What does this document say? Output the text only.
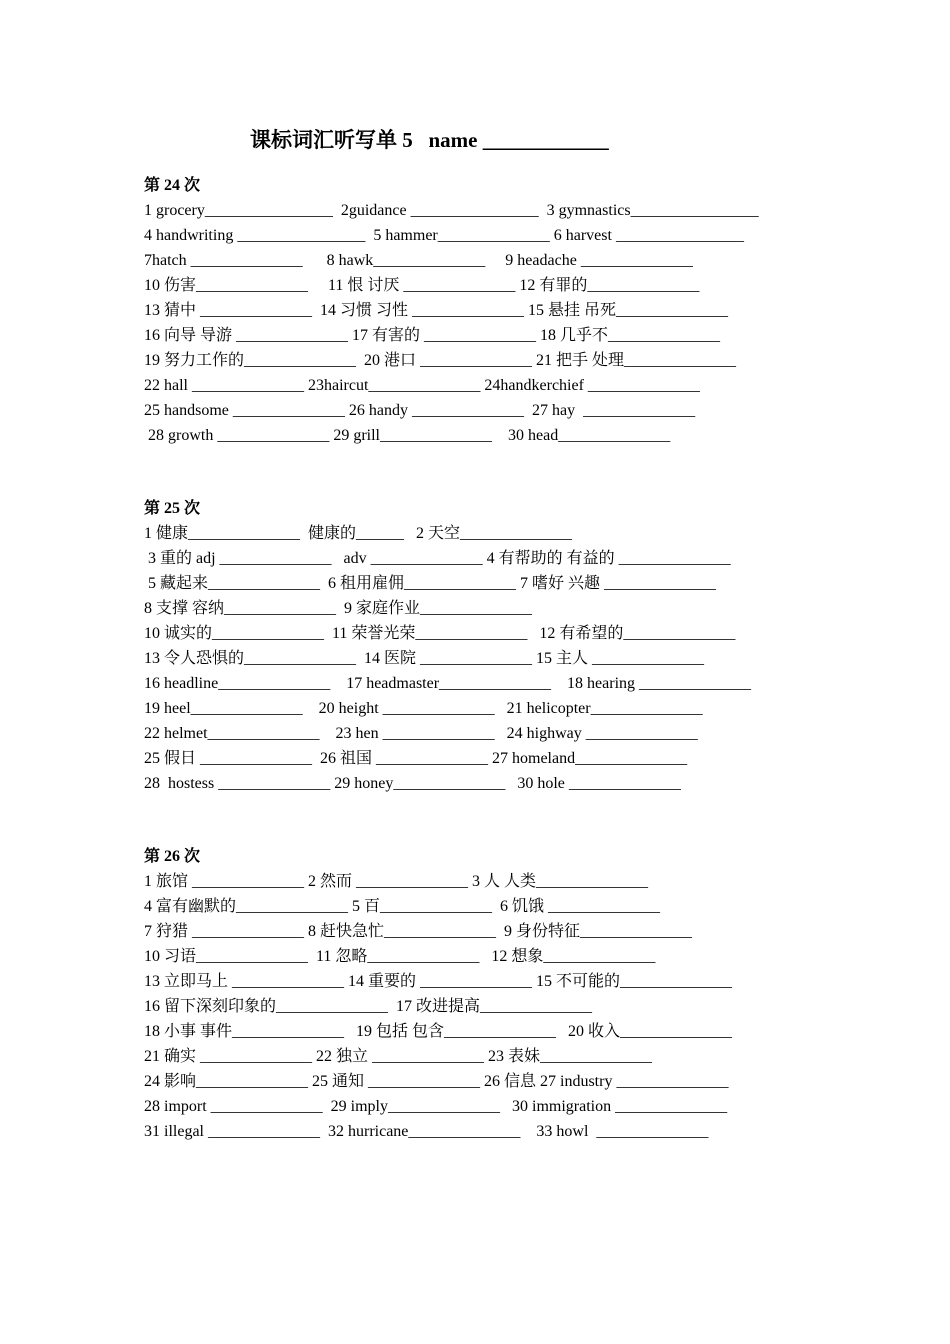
课标词汇听写单 5   name ____________
第 24 次
1 grocery________________  2guidance ________________  3 gymnastics________________
4 handwriting ________________  5 hammer______________ 6 harvest ________________
7hatch ______________      8 hawk______________     9 headache ______________
10 伤害______________     11 恨 讨厌 ______________ 12 有罪的______________
13 猜中 ______________  14 习惯 习性 ______________ 15 悬挂 吊死______________
16 向导 导游 ______________ 17 有害的 ______________ 18 几乎不______________
19 努力工作的______________  20 港口 ______________ 21 把手 处理______________
22 hall ______________ 23haircut______________ 24handkerchief ______________
25 handsome ______________ 26 handy ______________  27 hay  ______________
28 growth ______________ 29 grill______________    30 head______________
第 25 次
1 健康______________  健康的______   2 天空______________
3 重的 adj ______________   adv ______________ 4 有帮助的 有益的 ______________
5 藏起来______________  6 租用雇佣______________ 7 嗜好 兴趣 ______________
8 支撑 容纳______________  9 家庭作业______________
10 诚实的______________  11 荣誉光荣______________   12 有希望的______________
13 令人恐惧的______________  14 医院 ______________ 15 主人 ______________
16 headline______________    17 headmaster______________    18 hearing ______________
19 heel______________    20 height ______________   21 helicopter______________
22 helmet______________    23 hen ______________   24 highway ______________
25 假日 ______________  26 祖国 ______________ 27 homeland______________
28  hostess ______________ 29 honey______________   30 hole ______________
第 26 次
1 旅馆 ______________ 2 然而 ______________ 3 人 人类______________
4 富有幽默的______________ 5 百______________  6 饥饿 ______________
7 狩猎 ______________ 8 赶快急忙______________  9 身份特征______________
10 习语______________  11 忽略______________   12 想象______________
13 立即马上 ______________ 14 重要的 ______________ 15 不可能的______________
16 留下深刻印象的______________  17 改进提高______________
18 小事 事件______________   19 包括 包含______________   20 收入______________
21 确实 ______________ 22 独立 ______________ 23 表妹______________
24 影响______________ 25 通知 ______________ 26 信息 27 industry ______________
28 import ______________  29 imply______________   30 immigration ______________
31 illegal ______________  32 hurricane______________    33 howl  ______________
